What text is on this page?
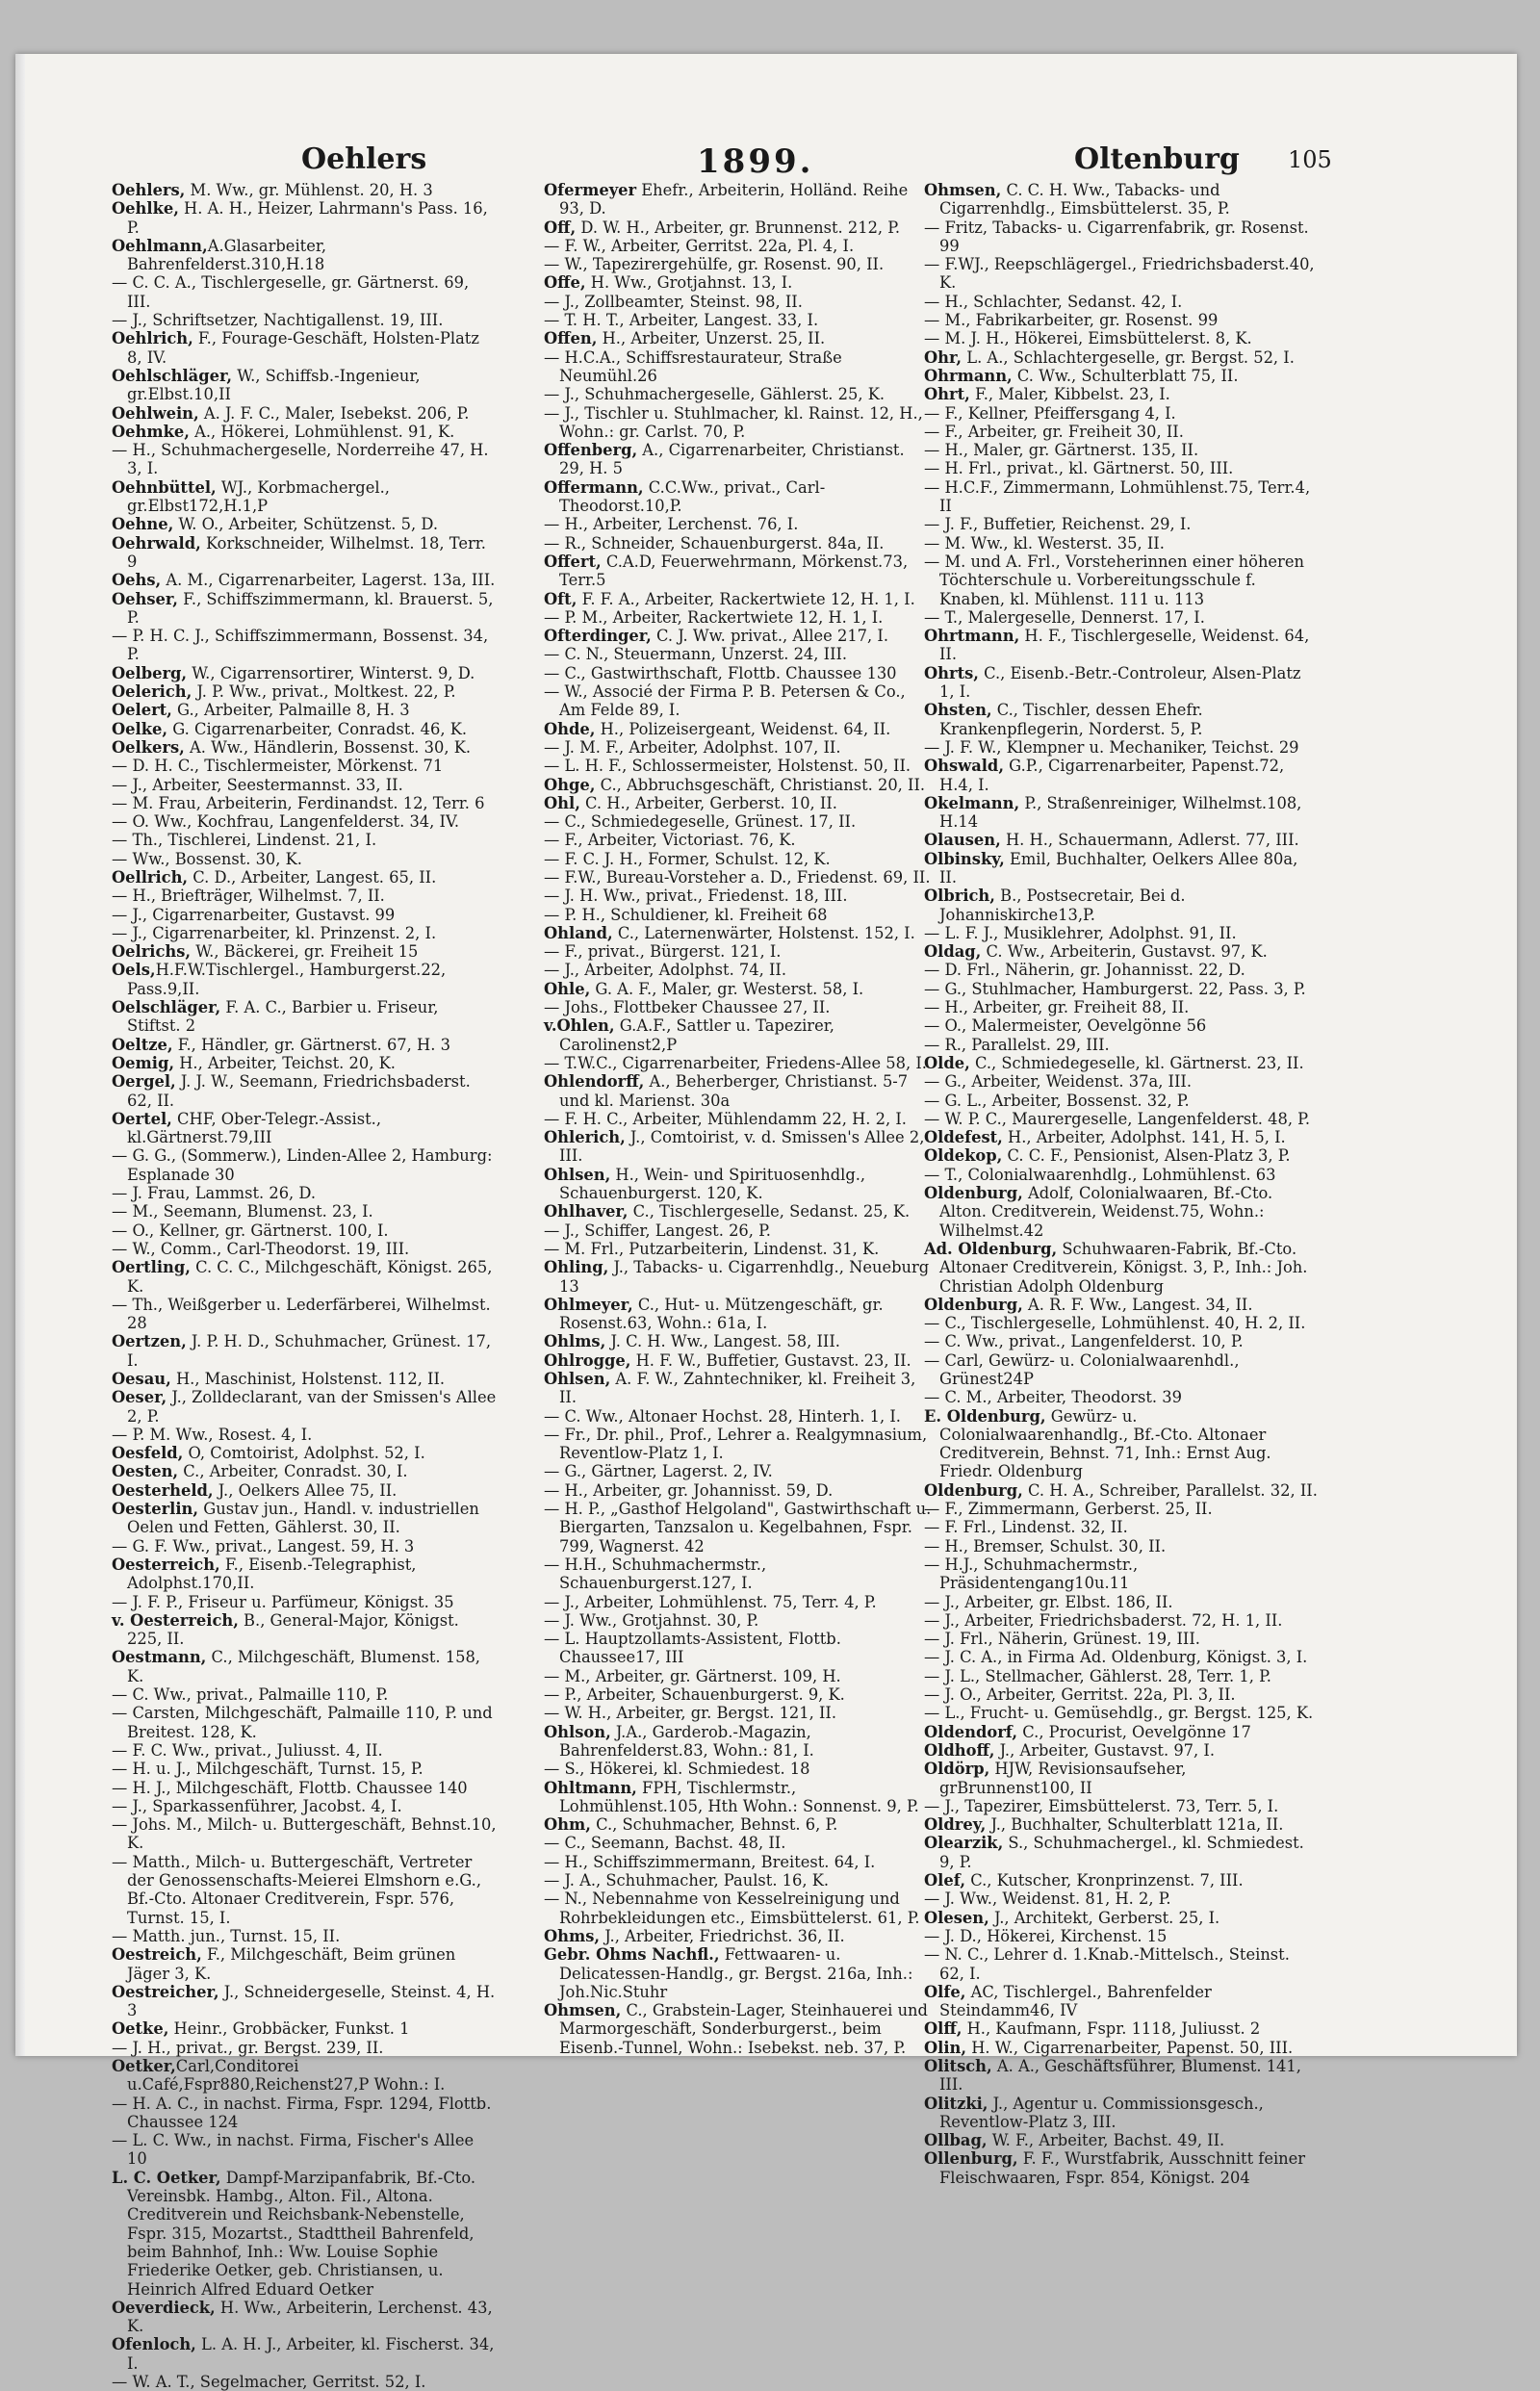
Oehlers	1899.	Oltenburg 105
Oehlers, M. Ww., gr. Mühlenst. 20, H. 3
Oehlke, H. A. H., Heizer, Lahrmann's Pass. 16, P.
Oehlmann,A.Glasarbeiter, Bahrenfelderst.310,H.18
— C. C. A., Tischlergeselle, gr. Gärtnerst. 69, III.
— J., Schriftsetzer, Nachtigallenst. 19, III.
Oehlrich, F., Fourage-Geschäft, Holsten-Platz 8, IV.
Oehlschläger, W., Schiffsb.-Ingenieur, gr.Elbst.10,II
Oehlwein, A. J. F. C., Maler, Isebekst. 206, P.
Oehmke, A., Hökerei, Lohmühlenst. 91, K.
— H., Schuhmachergeselle, Norderreihe 47, H. 3, I.
Oehnbüttel, WJ., Korbmachergel., gr.Elbst172,H.1,P
Oehne, W. O., Arbeiter, Schützenst. 5, D.
Oehrwald, Korkschneider, Wilhelmst. 18, Terr. 9
Oehs, A. M., Cigarrenarbeiter, Lagerst. 13a, III.
Oehser, F., Schiffszimmermann, kl. Brauerst. 5, P.
— P. H. C. J., Schiffszimmermann, Bossenst. 34, P.
Oelberg, W., Cigarrensortirer, Winterst. 9, D.
Oelerich, J. P. Ww., privat., Moltkest. 22, P.
Oelert, G., Arbeiter, Palmaille 8, H. 3
Oelke, G. Cigarrenarbeiter, Conradst. 46, K.
Oelkers, A. Ww., Händlerin, Bossenst. 30, K.
— D. H. C., Tischlermeister, Mörkenst. 71
— J., Arbeiter, Seestermannst. 33, II.
— M. Frau, Arbeiterin, Ferdinandst. 12, Terr. 6
— O. Ww., Kochfrau, Langenfelderst. 34, IV.
— Th., Tischlerei, Lindenst. 21, I.
— Ww., Bossenst. 30, K.
Oellrich, C. D., Arbeiter, Langest. 65, II.
— H., Briefträger, Wilhelmst. 7, II.
— J., Cigarrenarbeiter, Gustavst. 99
— J., Cigarrenarbeiter, kl. Prinzenst. 2, I.
Oelrichs, W., Bäckerei, gr. Freiheit 15
Oels,H.F.W.Tischlergel., Hamburgerst.22, Pass.9,II.
Oelschläger, F. A. C., Barbier u. Friseur, Stiftst. 2
Oeltze, F., Händler, gr. Gärtnerst. 67, H. 3
Oemig, H., Arbeiter, Teichst. 20, K.
Oergel, J. J. W., Seemann, Friedrichsbaderst. 62, II.
Oertel, CHF, Ober-Telegr.-Assist., kl.Gärtnerst.79,III
— G. G., (Sommerw.), Linden-Allee 2, Hamburg: Esplanade 30
— J. Frau, Lammst. 26, D.
— M., Seemann, Blumenst. 23, I.
— O., Kellner, gr. Gärtnerst. 100, I.
— W., Comm., Carl-Theodorst. 19, III.
Oertling, C. C. C., Milchgeschäft, Königst. 265, K.
— Th., Weißgerber u. Lederfärberei, Wilhelmst. 28
Oertzen, J. P. H. D., Schuhmacher, Grünest. 17, I.
Oesau, H., Maschinist, Holstenst. 112, II.
Oeser, J., Zolldeclarant, van der Smissen's Allee 2, P.
— P. M. Ww., Rosest. 4, I.
Oesfeld, O, Comtoirist, Adolphst. 52, I.
Oesten, C., Arbeiter, Conradst. 30, I.
Oesterheld, J., Oelkers Allee 75, II.
Oesterlin, Gustav jun., Handl. v. industriellen Oelen und Fetten, Gählerst. 30, II.
— G. F. Ww., privat., Langest. 59, H. 3
Oesterreich, F., Eisenb.-Telegraphist, Adolphst.170,II.
— J. F. P., Friseur u. Parfümeur, Königst. 35
v. Oesterreich, B., General-Major, Königst. 225, II.
Oestmann, C., Milchgeschäft, Blumenst. 158, K.
— C. Ww., privat., Palmaille 110, P.
— Carsten, Milchgeschäft, Palmaille 110, P. und Breitest. 128, K.
— F. C. Ww., privat., Juliusst. 4, II.
— H. u. J., Milchgeschäft, Turnst. 15, P.
— H. J., Milchgeschäft, Flottb. Chaussee 140
— J., Sparkassenführer, Jacobst. 4, I.
— Johs. M., Milch- u. Buttergeschäft, Behnst.10, K.
— Matth., Milch- u. Buttergeschäft, Vertreter der Genossenschafts-Meierei Elmshorn e.G., Bf.-Cto. Altonaer Creditverein, Fspr. 576, Turnst. 15, I.
— Matth. jun., Turnst. 15, II.
Oestreich, F., Milchgeschäft, Beim grünen Jäger 3, K.
Oestreicher, J., Schneidergeselle, Steinst. 4, H. 3
Oetke, Heinr., Grobbäcker, Funkst. 1
— J. H., privat., gr. Bergst. 239, II.
Oetker,Carl,Conditorei u.Café,Fspr880,Reichenst27,P Wohn.: I.
— H. A. C., in nachst. Firma, Fspr. 1294, Flottb. Chaussee 124
— L. C. Ww., in nachst. Firma, Fischer's Allee 10
L. C. Oetker, Dampf-Marzipanfabrik, Bf.-Cto. Vereinsbk. Hambg., Alton. Fil., Altona. Creditverein und Reichsbank-Nebenstelle, Fspr. 315, Mozartst., Stadttheil Bahrenfeld, beim Bahnhof, Inh.: Ww. Louise Sophie Friederike Oetker, geb. Christiansen, u. Heinrich Alfred Eduard Oetker
Oeverdieck, H. Ww., Arbeiterin, Lerchenst. 43, K.
Ofenloch, L. A. H. J., Arbeiter, kl. Fischerst. 34, I.
— W. A. T., Segelmacher, Gerritst. 52, I.
Ofermeyer Ehefr., Arbeiterin, Holländ. Reihe 93, D.
Off, D. W. H., Arbeiter, gr. Brunnenst. 212, P.
— F. W., Arbeiter, Gerritst. 22a, Pl. 4, I.
— W., Tapezirergehülfe, gr. Rosenst. 90, II.
Offe, H. Ww., Grotjahnst. 13, I.
— J., Zollbeamter, Steinst. 98, II.
— T. H. T., Arbeiter, Langest. 33, I.
Offen, H., Arbeiter, Unzerst. 25, II.
— H.C.A., Schiffsrestaurateur, Straße Neumühl.26
— J., Schuhmachergeselle, Gählerst. 25, K.
— J., Tischler u. Stuhlmacher, kl. Rainst. 12, H., Wohn.: gr. Carlst. 70, P.
Offenberg, A., Cigarrenarbeiter, Christianst. 29, H. 5
Offermann, C.C.Ww., privat., Carl-Theodorst.10,P.
— H., Arbeiter, Lerchenst. 76, I.
— R., Schneider, Schauenburgerst. 84a, II.
Offert, C.A.D, Feuerwehrmann, Mörkenst.73, Terr.5
Oft, F. F. A., Arbeiter, Rackertwiete 12, H. 1, I.
— P. M., Arbeiter, Rackertwiete 12, H. 1, I.
Ofterdinger, C. J. Ww. privat., Allee 217, I.
— C. N., Steuermann, Unzerst. 24, III.
— C., Gastwirthschaft, Flottb. Chaussee 130
— W., Associé der Firma P. B. Petersen & Co., Am Felde 89, I.
Ohde, H., Polizeisergeant, Weidenst. 64, II.
— J. M. F., Arbeiter, Adolphst. 107, II.
— L. H. F., Schlossermeister, Holstenst. 50, II.
Ohge, C., Abbruchsgeschäft, Christianst. 20, II.
Ohl, C. H., Arbeiter, Gerberst. 10, II.
— C., Schmiedegeselle, Grünest. 17, II.
— F., Arbeiter, Victoriast. 76, K.
— F. C. J. H., Former, Schulst. 12, K.
— F.W., Bureau-Vorsteher a. D., Friedenst. 69, II.
— J. H. Ww., privat., Friedenst. 18, III.
— P. H., Schuldiener, kl. Freiheit 68
Ohland, C., Laternenwärter, Holstenst. 152, I.
— F., privat., Bürgerst. 121, I.
— J., Arbeiter, Adolphst. 74, II.
Ohle, G. A. F., Maler, gr. Westerst. 58, I.
— Johs., Flottbeker Chaussee 27, II.
v.Ohlen, G.A.F., Sattler u. Tapezirer, Carolinenst2,P
— T.W.C., Cigarrenarbeiter, Friedens-Allee 58, I.
Ohlendorff, A., Beherberger, Christianst. 5-7 und kl. Marienst. 30a
— F. H. C., Arbeiter, Mühlendamm 22, H. 2, I.
Ohlerich, J., Comtoirist, v. d. Smissen's Allee 2, III.
Ohlsen, H., Wein- und Spirituosenhdlg., Schauenburgerst. 120, K.
Ohlhaver, C., Tischlergeselle, Sedanst. 25, K.
— J., Schiffer, Langest. 26, P.
— M. Frl., Putzarbeiterin, Lindenst. 31, K.
Ohling, J., Tabacks- u. Cigarrenhdlg., Neueburg 13
Ohlmeyer, C., Hut- u. Mützengeschäft, gr. Rosenst.63, Wohn.: 61a, I.
Ohlms, J. C. H. Ww., Langest. 58, III.
Ohlrogge, H. F. W., Buffetier, Gustavst. 23, II.
Ohlsen, A. F. W., Zahntechniker, kl. Freiheit 3, II.
— C. Ww., Altonaer Hochst. 28, Hinterh. 1, I.
— Fr., Dr. phil., Prof., Lehrer a. Realgymnasium, Reventlow-Platz 1, I.
— G., Gärtner, Lagerst. 2, IV.
— H., Arbeiter, gr. Johannisst. 59, D.
— H. P., „Gasthof Helgoland", Gastwirthschaft u. Biergarten, Tanzsalon u. Kegelbahnen, Fspr. 799, Wagnerst. 42
— H.H., Schuhmachermstr., Schauenburgerst.127, I.
— J., Arbeiter, Lohmühlenst. 75, Terr. 4, P.
— J. Ww., Grotjahnst. 30, P.
— L. Hauptzollamts-Assistent, Flottb. Chaussee17, III
— M., Arbeiter, gr. Gärtnerst. 109, H.
— P., Arbeiter, Schauenburgerst. 9, K.
— W. H., Arbeiter, gr. Bergst. 121, II.
Ohlson, J.A., Garderob.-Magazin, Bahrenfelderst.83, Wohn.: 81, I.
— S., Hökerei, kl. Schmiedest. 18
Ohltmann, FPH, Tischlermstr., Lohmühlenst.105, Hth Wohn.: Sonnenst. 9, P.
Ohm, C., Schuhmacher, Behnst. 6, P.
— C., Seemann, Bachst. 48, II.
— H., Schiffszimmermann, Breitest. 64, I.
— J. A., Schuhmacher, Paulst. 16, K.
— N., Nebennahme von Kesselreinigung und Rohrbekleidungen etc., Eimsbüttelerst. 61, P.
Ohms, J., Arbeiter, Friedrichst. 36, II.
Gebr. Ohms Nachfl., Fettwaaren- u. Delicatessen-Handlg., gr. Bergst. 216a, Inh.: Joh.Nic.Stuhr
Ohmsen, C., Grabstein-Lager, Steinhauerei und Marmorgeschäft, Sonderburgerst., beim Eisenb.-Tunnel, Wohn.: Isebekst. neb. 37, P.
Ohmsen, C. C. H. Ww., Tabacks- und Cigarrenhdlg., Eimsbüttelerst. 35, P.
— Fritz, Tabacks- u. Cigarrenfabrik, gr. Rosenst. 99
— F.WJ., Reepschlägergel., Friedrichsbaderst.40, K.
— H., Schlachter, Sedanst. 42, I.
— M., Fabrikarbeiter, gr. Rosenst. 99
— M. J. H., Hökerei, Eimsbüttelerst. 8, K.
Ohr, L. A., Schlachtergeselle, gr. Bergst. 52, I.
Ohrmann, C. Ww., Schulterblatt 75, II.
Ohrt, F., Maler, Kibbelst. 23, I.
— F., Kellner, Pfeiffersgang 4, I.
— F., Arbeiter, gr. Freiheit 30, II.
— H., Maler, gr. Gärtnerst. 135, II.
— H. Frl., privat., kl. Gärtnerst. 50, III.
— H.C.F., Zimmermann, Lohmühlenst.75, Terr.4, II
— J. F., Buffetier, Reichenst. 29, I.
— M. Ww., kl. Westerst. 35, II.
— M. und A. Frl., Vorsteherinnen einer höheren Töchterschule u. Vorbereitungsschule f. Knaben, kl. Mühlenst. 111 u. 113
— T., Malergeselle, Dennerst. 17, I.
Ohrtmann, H. F., Tischlergeselle, Weidenst. 64, II.
Ohrts, C., Eisenb.-Betr.-Controleur, Alsen-Platz 1, I.
Ohsten, C., Tischler, dessen Ehefr. Krankenpflegerin, Norderst. 5, P.
— J. F. W., Klempner u. Mechaniker, Teichst. 29
Ohswald, G.P., Cigarrenarbeiter, Papenst.72, H.4, I.
Okelmann, P., Straßenreiniger, Wilhelmst.108, H.14
Olausen, H. H., Schauermann, Adlerst. 77, III.
Olbinsky, Emil, Buchhalter, Oelkers Allee 80a, II.
Olbrich, B., Postsecretair, Bei d. Johanniskirche13,P.
— L. F. J., Musiklehrer, Adolphst. 91, II.
Oldag, C. Ww., Arbeiterin, Gustavst. 97, K.
— D. Frl., Näherin, gr. Johannisst. 22, D.
— G., Stuhlmacher, Hamburgerst. 22, Pass. 3, P.
— H., Arbeiter, gr. Freiheit 88, II.
— O., Malermeister, Oevelgönne 56
— R., Parallelst. 29, III.
Olde, C., Schmiedegeselle, kl. Gärtnerst. 23, II.
— G., Arbeiter, Weidenst. 37a, III.
— G. L., Arbeiter, Bossenst. 32, P.
— W. P. C., Maurergeselle, Langenfelderst. 48, P.
Oldefest, H., Arbeiter, Adolphst. 141, H. 5, I.
Oldekop, C. C. F., Pensionist, Alsen-Platz 3, P.
— T., Colonialwaarenhdlg., Lohmühlenst. 63
Oldenburg, Adolf, Colonialwaaren, Bf.-Cto. Alton. Creditverein, Weidenst.75, Wohn.: Wilhelmst.42
Ad. Oldenburg, Schuhwaaren-Fabrik, Bf.-Cto. Altonaer Creditverein, Königst. 3, P., Inh.: Joh. Christian Adolph Oldenburg
Oldenburg, A. R. F. Ww., Langest. 34, II.
— C., Tischlergeselle, Lohmühlenst. 40, H. 2, II.
— C. Ww., privat., Langenfelderst. 10, P.
— Carl, Gewürz- u. Colonialwaarenhdl., Grünest24P
— C. M., Arbeiter, Theodorst. 39
E. Oldenburg, Gewürz- u. Colonialwaarenhandlg., Bf.-Cto. Altonaer Creditverein, Behnst. 71, Inh.: Ernst Aug. Friedr. Oldenburg
Oldenburg, C. H. A., Schreiber, Parallelst. 32, II.
— F., Zimmermann, Gerberst. 25, II.
— F. Frl., Lindenst. 32, II.
— H., Bremser, Schulst. 30, II.
— H.J., Schuhmachermstr., Präsidentengang10u.11
— J., Arbeiter, gr. Elbst. 186, II.
— J., Arbeiter, Friedrichsbaderst. 72, H. 1, II.
— J. Frl., Näherin, Grünest. 19, III.
— J. C. A., in Firma Ad. Oldenburg, Königst. 3, I.
— J. L., Stellmacher, Gählerst. 28, Terr. 1, P.
— J. O., Arbeiter, Gerritst. 22a, Pl. 3, II.
— L., Frucht- u. Gemüsehdlg., gr. Bergst. 125, K.
Oldendorf, C., Procurist, Oevelgönne 17
Oldhoff, J., Arbeiter, Gustavst. 97, I.
Oldörp, HJW, Revisionsaufseher, grBrunnenst100, II
— J., Tapezirer, Eimsbüttelerst. 73, Terr. 5, I.
Oldrey, J., Buchhalter, Schulterblatt 121a, II.
Olearzik, S., Schuhmachergel., kl. Schmiedest. 9, P.
Olef, C., Kutscher, Kronprinzenst. 7, III.
— J. Ww., Weidenst. 81, H. 2, P.
Olesen, J., Architekt, Gerberst. 25, I.
— J. D., Hökerei, Kirchenst. 15
— N. C., Lehrer d. 1.Knab.-Mittelsch., Steinst. 62, I.
Olfe, AC, Tischlergel., Bahrenfelder Steindamm46, IV
Olff, H., Kaufmann, Fspr. 1118, Juliusst. 2
Olin, H. W., Cigarrenarbeiter, Papenst. 50, III.
Olitsch, A. A., Geschäftsführer, Blumenst. 141, III.
Olitzki, J., Agentur u. Commissionsgesch., Reventlow-Platz 3, III.
Ollbag, W. F., Arbeiter, Bachst. 49, II.
Ollenburg, F. F., Wurstfabrik, Ausschnitt feiner Fleischwaaren, Fspr. 854, Königst. 204
